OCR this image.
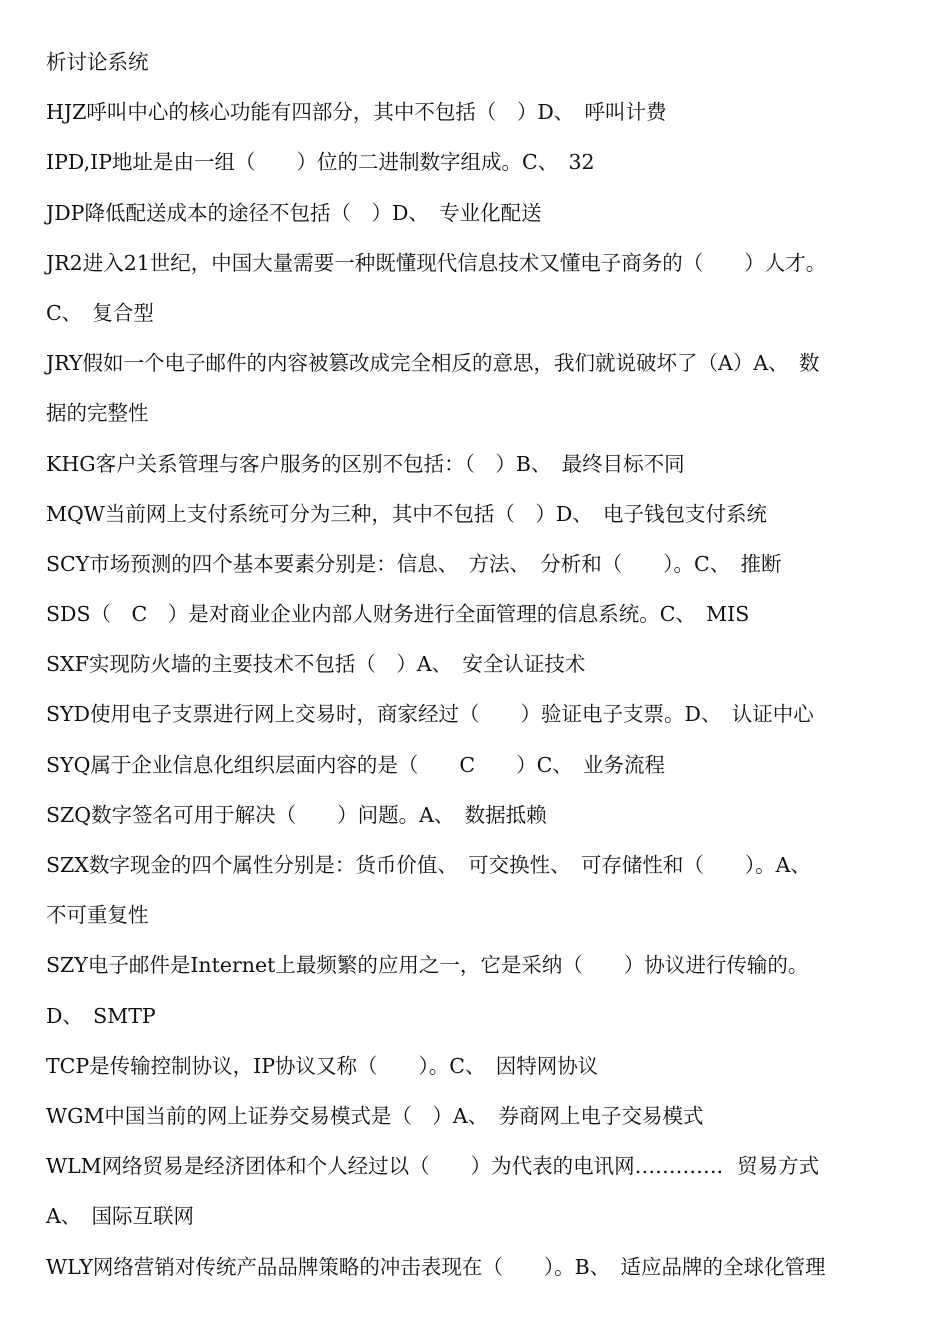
析讨论系统
HJZ呼叫中心的核心功能有四部分，其中不包括（　）D、　呼叫计费
IPD,IP地址是由一组（　　）位的二进制数字组成。C、　32
JDP降低配送成本的途径不包括（　）D、　专业化配送
JR2进入21世纪，中国大量需要一种既懂现代信息技术又懂电子商务的（　　）人才。
C、　复合型
JRY假如一个电子邮件的内容被篡改成完全相反的意思，我们就说破坏了（A）A、　数
据的完整性
KHG客户关系管理与客户服务的区别不包括：（　）B、　最终目标不同
MQW当前网上支付系统可分为三种，其中不包括（　）D、　电子钱包支付系统
SCY市场预测的四个基本要素分别是：信息、　方法、　分析和（　　）。C、　推断
SDS（　C　）是对商业企业内部人财务进行全面管理的信息系统。C、　MIS
SXF实现防火墙的主要技术不包括（　）A、　安全认证技术
SYD使用电子支票进行网上交易时，商家经过（　　）验证电子支票。D、　认证中心
SYQ属于企业信息化组织层面内容的是（　　C　　）C、　业务流程
SZQ数字签名可用于解决（　　）问题。A、　数据抵赖
SZX数字现金的四个属性分别是：货币价值、　可交换性、　可存储性和（　　）。A、
不可重复性
SZY电子邮件是Internet上最频繁的应用之一，它是采纳（　　）协议进行传输的。
D、　SMTP
TCP是传输控制协议，IP协议又称（　　）。C、　因特网协议
WGM中国当前的网上证券交易模式是（　）A、　券商网上电子交易模式
WLM网络贸易是经济团体和个人经过以（　　）为代表的电讯网…………．贸易方式
A、　国际互联网
WLY网络营销对传统产品品牌策略的冲击表现在（　　）。B、　适应品牌的全球化管理
